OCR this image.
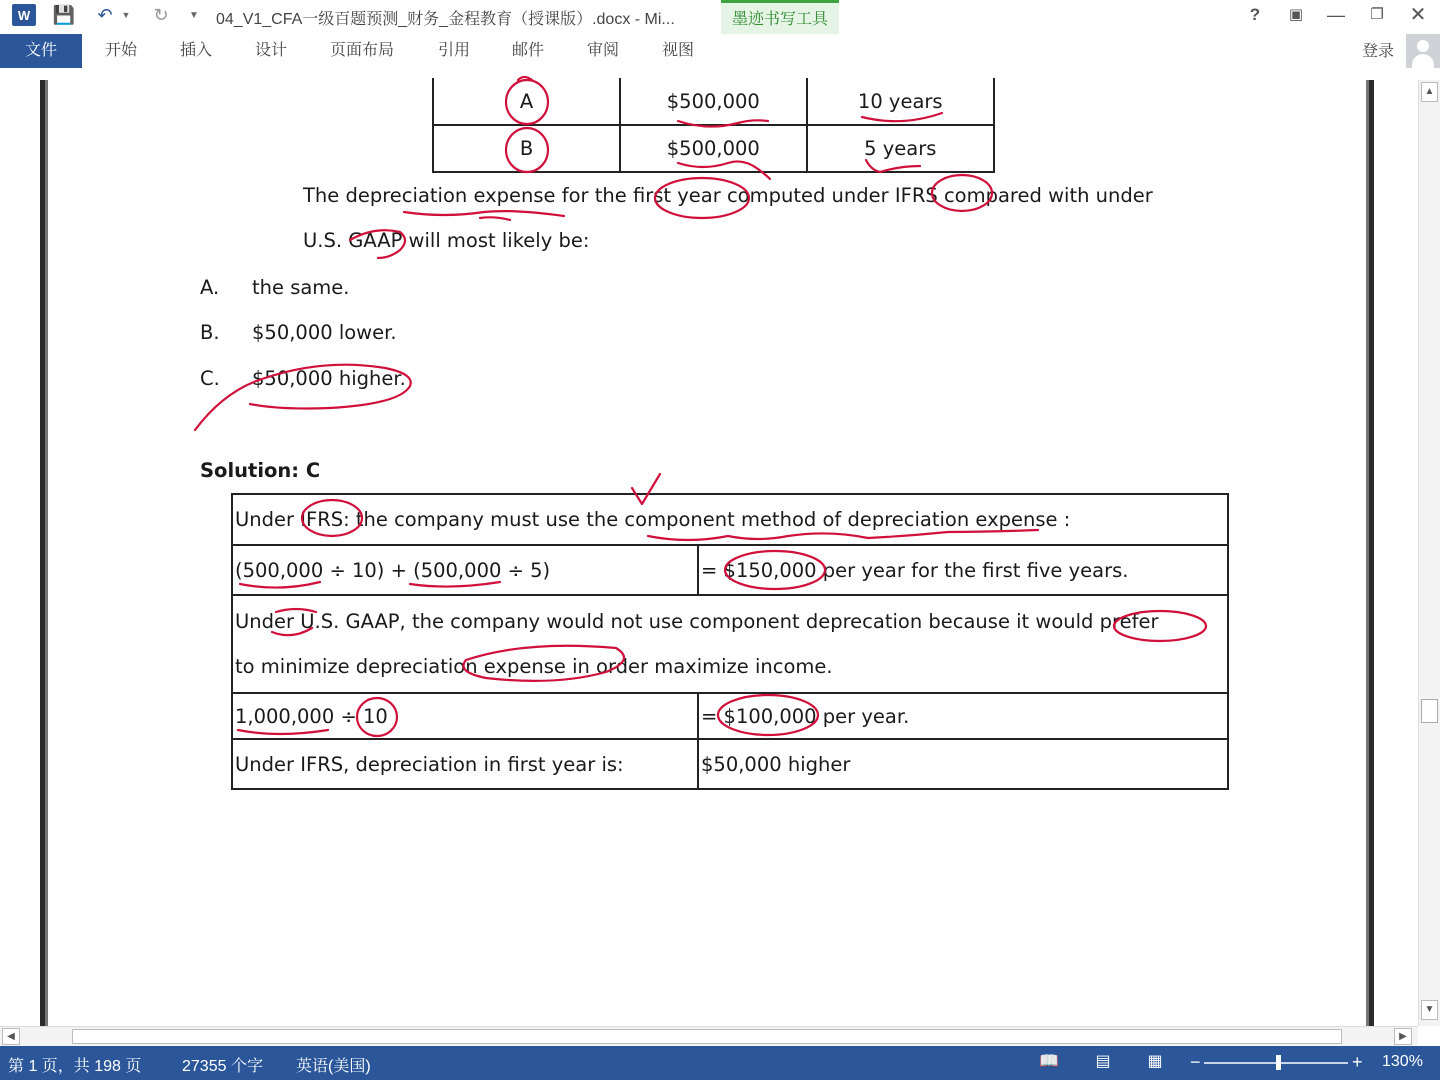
W	💾 ↶ ▼ ↻	▼ 04_V1_CFA一级百题预测_财务_金程教育（授课版）.docx - Mi...	墨迹书写工具	?	▣	—	❐	✕
文件	开始	插入	设计	页面布局	引用	邮件	审阅	视图	登录
A	$500,000	10 years
B	$500,000	5 years
The depreciation expense for the first year computed under IFRS compared with under
U.S. GAAP will most likely be:
A. the same.
B. $50,000 lower.
C. $50,000 higher.
Solution: C
Under IFRS: the company must use the component method of depreciation expense :	
(500,000 ÷ 10) + (500,000 ÷ 5)	= $150,000 per year for the first five years.

Under U.S. GAAP, the company would not use component deprecation because it would prefer
to minimize depreciation expense in order maximize income.	

1,000,000 ÷ 10	= $100,000 per year.
Under IFRS, depreciation in first year is:	$50,000 higher
▲
▼
◀	▶
第 1 页，共 198 页	27355 个字 英语(美国)	📖 ▤ ▦ −	+ 130%
